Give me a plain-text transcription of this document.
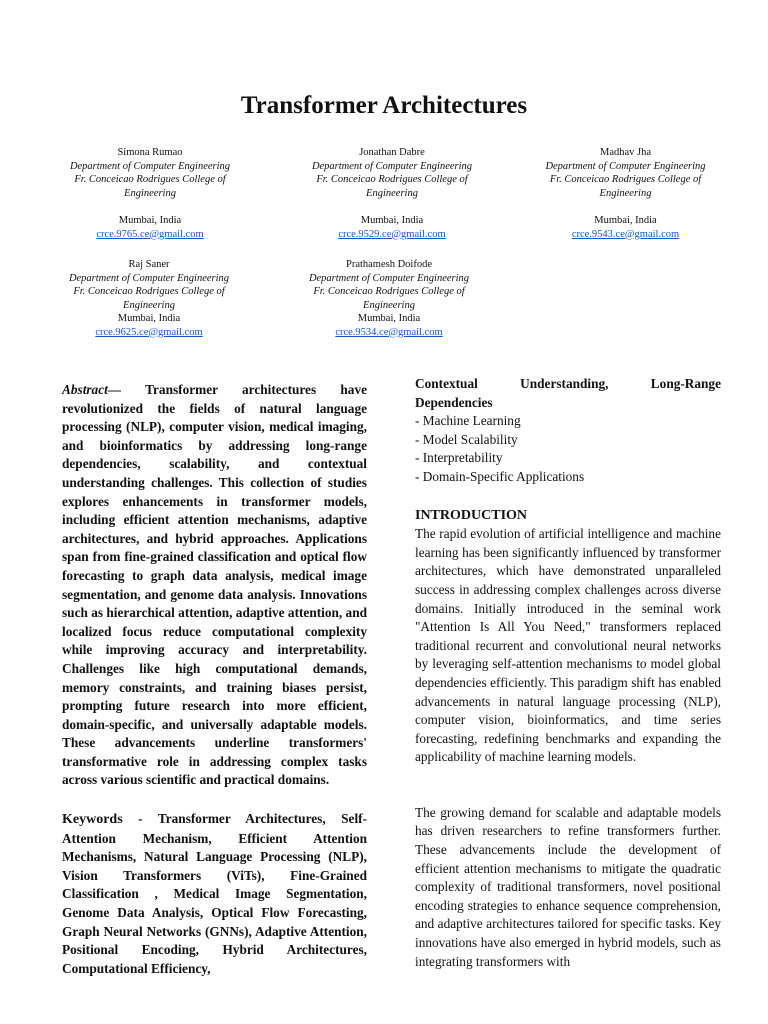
Transformer Architectures
Simona Rumao
Department of Computer Engineering
Fr. Conceicao Rodrigues College of Engineering
Mumbai, India
crce.9765.ce@gmail.com
Jonathan Dabre
Department of Computer Engineering
Fr. Conceicao Rodrigues College of Engineering
Mumbai, India
crce.9529.ce@gmail.com
Madhav Jha
Department of Computer Engineering
Fr. Conceicao Rodrigues College of Engineering
Mumbai, India
crce.9543.ce@gmail.com
Raj Saner
Department of Computer Engineering
Fr. Conceicao Rodrigues College of Engineering
Mumbai, India
crce.9625.ce@gmail.com
Prathamesh Doifode
Department of Computer Engineering
Fr. Conceicao Rodrigues College of Engineering
Mumbai, India
crce.9534.ce@gmail.com

Abstract— Transformer architectures have revolutionized the fields of natural language processing (NLP), computer vision, medical imaging, and bioinformatics by addressing long-range dependencies, scalability, and contextual understanding challenges. This collection of studies explores enhancements in transformer models, including efficient attention mechanisms, adaptive architectures, and hybrid approaches. Applications span from fine-grained classification and optical flow forecasting to graph data analysis, medical image segmentation, and genome data analysis. Innovations such as hierarchical attention, adaptive attention, and localized focus reduce computational complexity while improving accuracy and interpretability. Challenges like high computational demands, memory constraints, and training biases persist, prompting future research into more efficient, domain-specific, and universally adaptable models. These advancements underline transformers' transformative role in addressing complex tasks across various scientific and practical domains.

Keywords - Transformer Architectures, Self-Attention Mechanism, Efficient Attention Mechanisms, Natural Language Processing (NLP), Vision Transformers (ViTs), Fine-Grained Classification , Medical Image Segmentation, Genome Data Analysis, Optical Flow Forecasting, Graph Neural Networks (GNNs), Adaptive Attention, Positional Encoding, Hybrid Architectures, Computational Efficiency,

Contextual Understanding, Long-Range Dependencies
- Machine Learning
- Model Scalability
- Interpretability
- Domain-Specific Applications
INTRODUCTION

The rapid evolution of artificial intelligence and machine learning has been significantly influenced by transformer architectures, which have demonstrated unparalleled success in addressing complex challenges across diverse domains. Initially introduced in the seminal work "Attention Is All You Need," transformers replaced traditional recurrent and convolutional neural networks by leveraging self-attention mechanisms to model global dependencies efficiently. This paradigm shift has enabled advancements in natural language processing (NLP), computer vision, bioinformatics, and time series forecasting, redefining benchmarks and expanding the applicability of machine learning models.

The growing demand for scalable and adaptable models has driven researchers to refine transformers further. These advancements include the development of efficient attention mechanisms to mitigate the quadratic complexity of traditional transformers, novel positional encoding strategies to enhance sequence comprehension, and adaptive architectures tailored for specific tasks. Key innovations have also emerged in hybrid models, such as integrating transformers with
